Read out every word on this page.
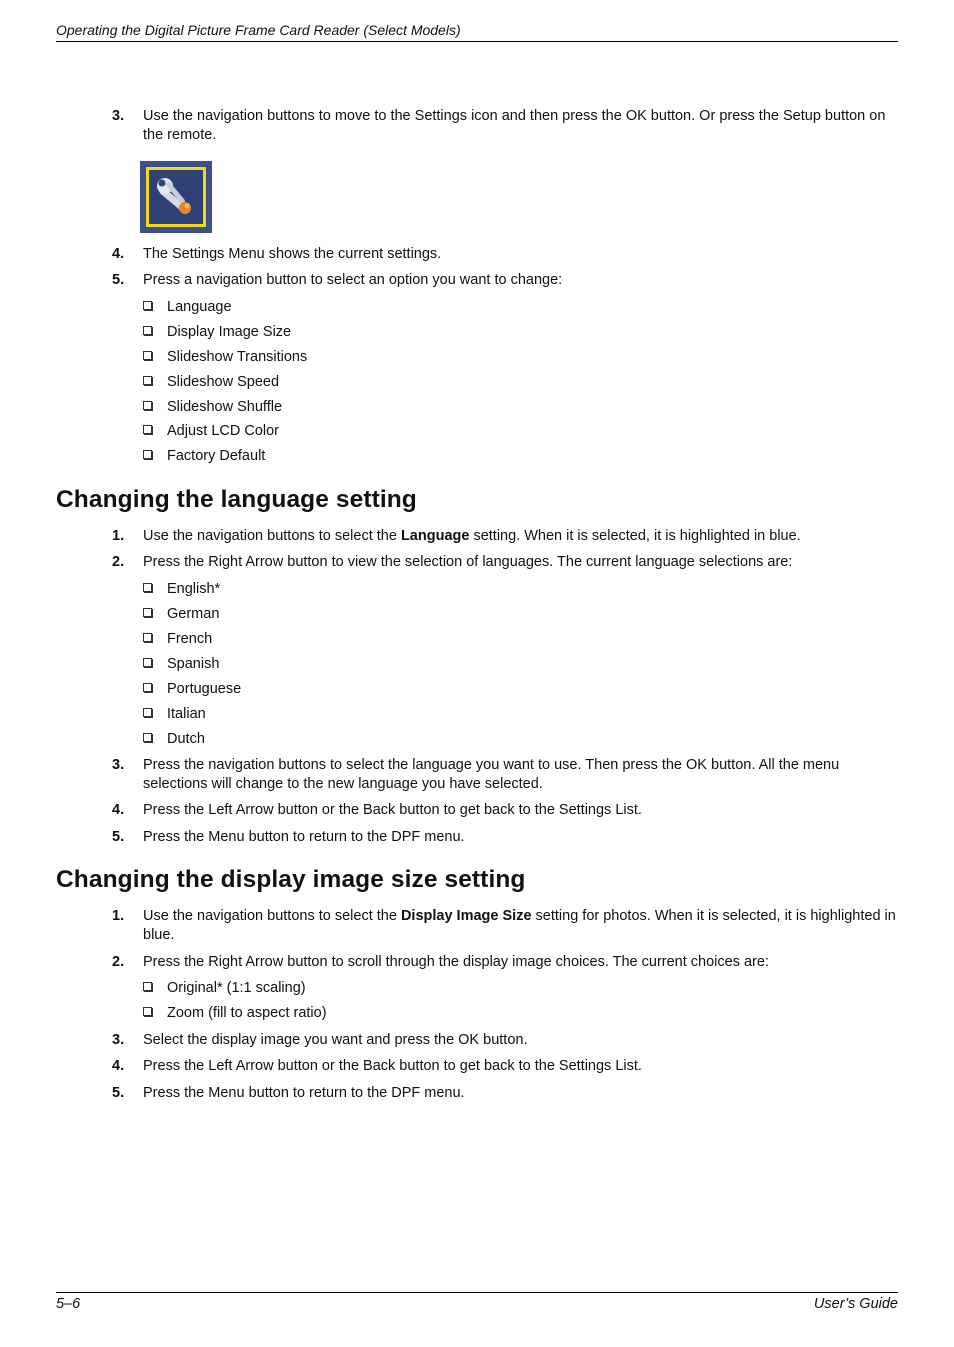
Operating the Digital Picture Frame Card Reader (Select Models)
3.	Use the navigation buttons to move to the Settings icon and then press the OK button. Or press the Setup button on the remote.
4.	The Settings Menu shows the current settings.
5.	Press a navigation button to select an option you want to change:
Language
Display Image Size
Slideshow Transitions
Slideshow Speed
Slideshow Shuffle
Adjust LCD Color
Factory Default
Changing the language setting
1.	Use the navigation buttons to select the Language setting. When it is selected, it is highlighted in blue.
2.	Press the Right Arrow button to view the selection of languages. The current language selections are:
English*
German
French
Spanish
Portuguese
Italian
Dutch
3.	Press the navigation buttons to select the language you want to use. Then press the OK button. All the menu selections will change to the new language you have selected.
4.	Press the Left Arrow button or the Back button to get back to the Settings List.
5.	Press the Menu button to return to the DPF menu.
Changing the display image size setting
1.	Use the navigation buttons to select the Display Image Size setting for photos. When it is selected, it is highlighted in blue.
2.	Press the Right Arrow button to scroll through the display image choices. The current choices are:
Original* (1:1 scaling)
Zoom (fill to aspect ratio)
3.	Select the display image you want and press the OK button.
4.	Press the Left Arrow button or the Back button to get back to the Settings List.
5.	Press the Menu button to return to the DPF menu.
5–6	User’s Guide
